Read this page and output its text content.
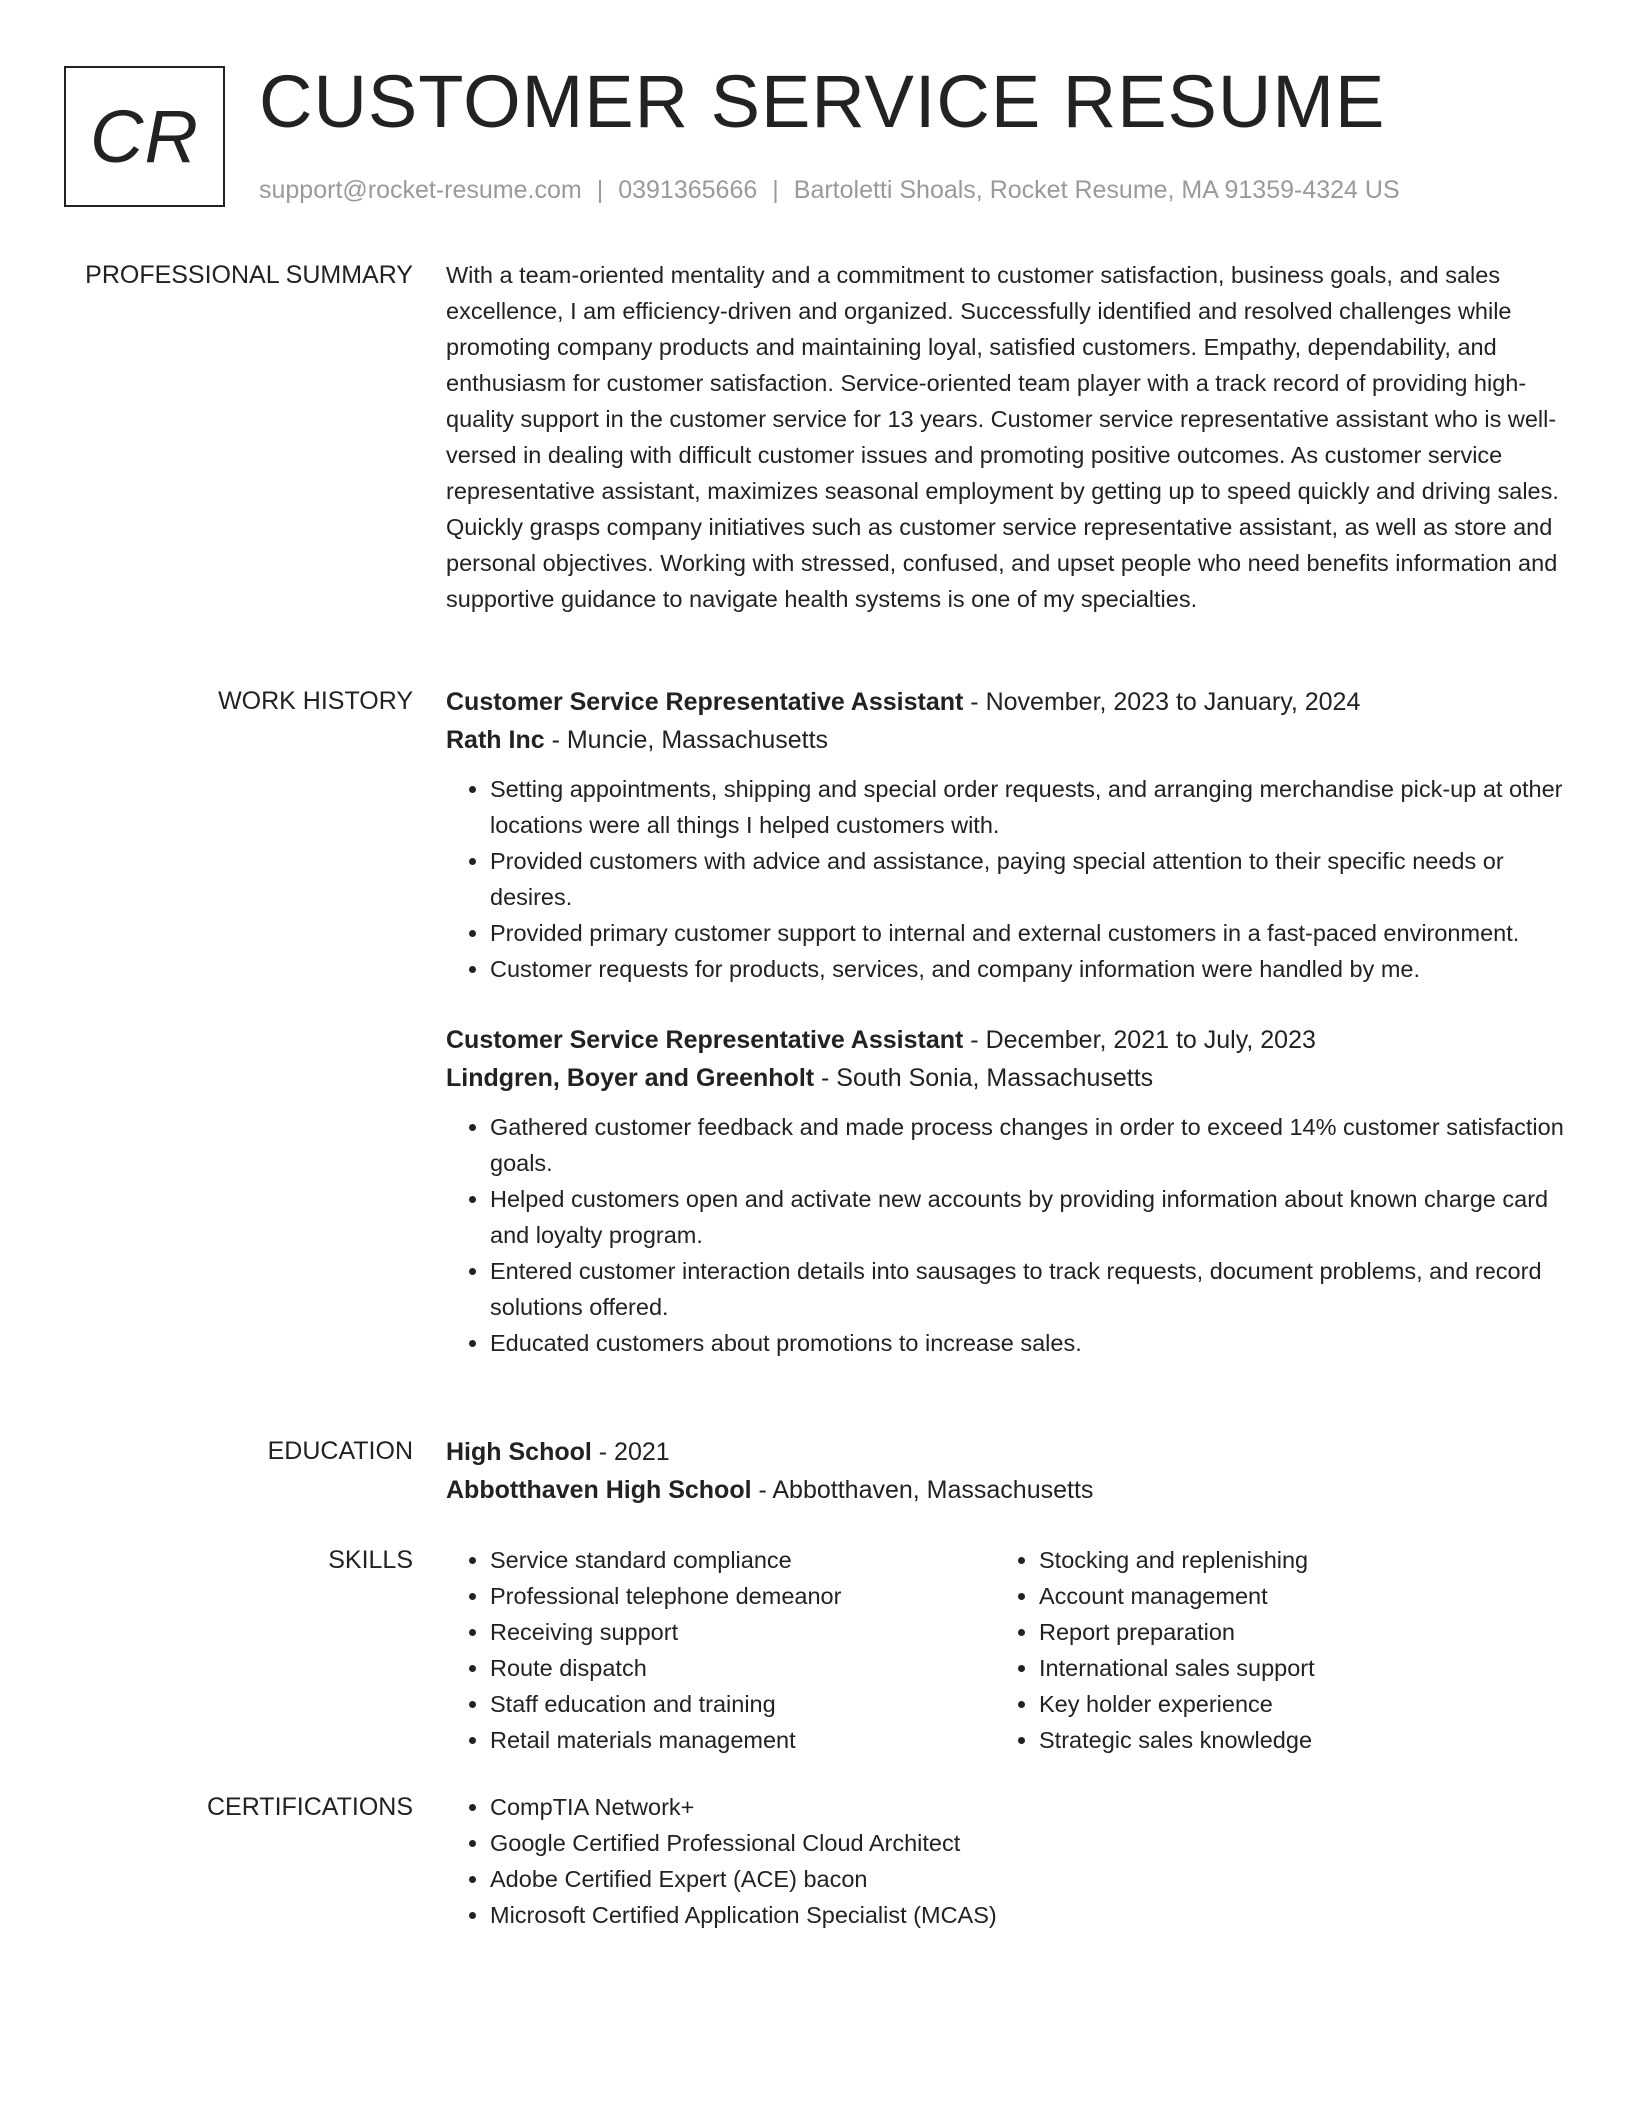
CR CUSTOMER SERVICE RESUME
support@rocket-resume.com | 0391365666 | Bartoletti Shoals, Rocket Resume, MA 91359-4324 US
PROFESSIONAL SUMMARY With a team-oriented mentality and a commitment to customer satisfaction, business goals, and sales excellence, I am efficiency-driven and organized. Successfully identified and resolved challenges while promoting company products and maintaining loyal, satisfied customers. Empathy, dependability, and enthusiasm for customer satisfaction. Service-oriented team player with a track record of providing high-quality support in the customer service for 13 years. Customer service representative assistant who is well-versed in dealing with difficult customer issues and promoting positive outcomes. As customer service representative assistant, maximizes seasonal employment by getting up to speed quickly and driving sales. Quickly grasps company initiatives such as customer service representative assistant, as well as store and personal objectives. Working with stressed, confused, and upset people who need benefits information and supportive guidance to navigate health systems is one of my specialties.

WORK HISTORY Customer Service Representative Assistant - November, 2023 to January, 2024
Rath Inc - Muncie, Massachusetts
• Setting appointments, shipping and special order requests, and arranging merchandise pick-up at other locations were all things I helped customers with.
• Provided customers with advice and assistance, paying special attention to their specific needs or desires.
• Provided primary customer support to internal and external customers in a fast-paced environment.
• Customer requests for products, services, and company information were handled by me.
Customer Service Representative Assistant - December, 2021 to July, 2023
Lindgren, Boyer and Greenholt - South Sonia, Massachusetts
• Gathered customer feedback and made process changes in order to exceed 14% customer satisfaction goals.
• Helped customers open and activate new accounts by providing information about known charge card and loyalty program.
• Entered customer interaction details into sausages to track requests, document problems, and record solutions offered.
• Educated customers about promotions to increase sales.
EDUCATION High School - 2021
Abbotthaven High School - Abbotthaven, Massachusetts
SKILLS	• Service standard compliance
• Professional telephone demeanor
• Receiving support
• Route dispatch
• Staff education and training
• Retail materials management
• Stocking and replenishing
• Account management
• Report preparation
• International sales support
• Key holder experience
• Strategic sales knowledge
CERTIFICATIONS	• CompTIA Network+
• Google Certified Professional Cloud Architect
• Adobe Certified Expert (ACE) bacon
• Microsoft Certified Application Specialist (MCAS)
